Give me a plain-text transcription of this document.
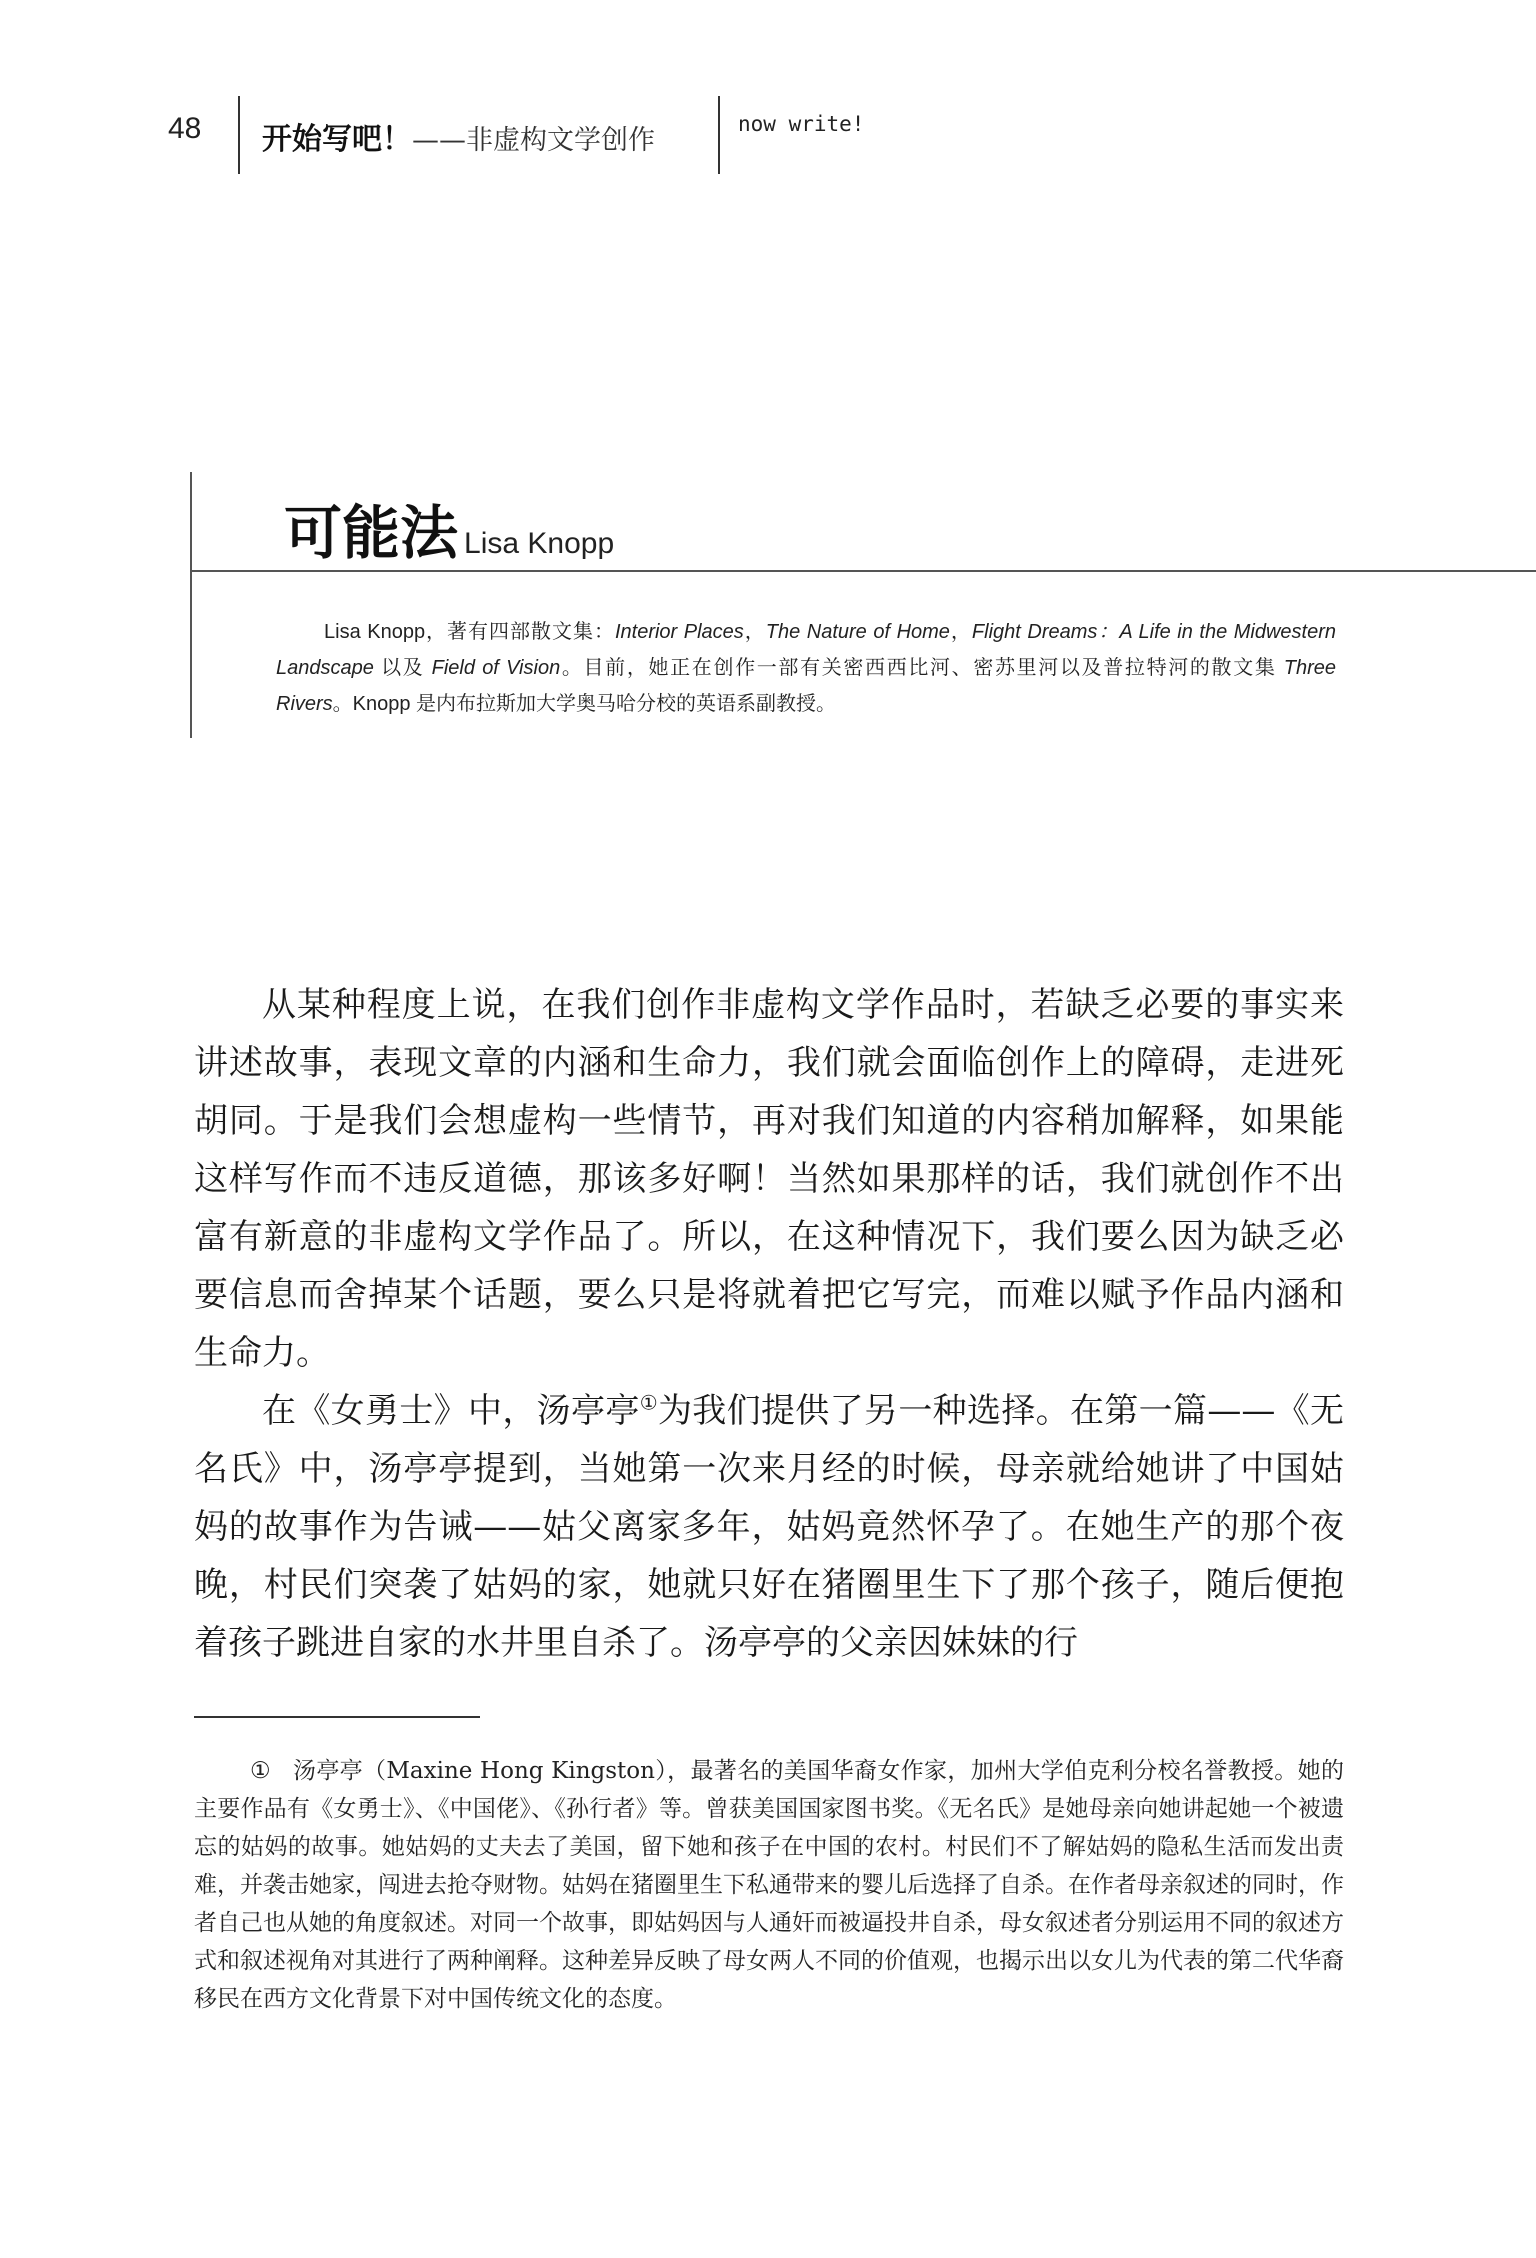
48 开始写吧！——非虚构文学创作
now write!
可能法 Lisa Knopp
Lisa Knopp，著有四部散文集：Interior Places，The Nature of Home，Flight Dreams：A Life in the Midwestern Landscape 以及 Field of Vision。目前，她正在创作一部有关密西西比河、密苏里河以及普拉特河的散文集 Three Rivers。Knopp 是内布拉斯加大学奥马哈分校的英语系副教授。

从某种程度上说，在我们创作非虚构文学作品时，若缺乏必要的事实来讲述故事，表现文章的内涵和生命力，我们就会面临创作上的障碍，走进死胡同。于是我们会想虚构一些情节，再对我们知道的内容稍加解释，如果能这样写作而不违反道德，那该多好啊！当然如果那样的话，我们就创作不出富有新意的非虚构文学作品了。所以，在这种情况下，我们要么因为缺乏必要信息而舍掉某个话题，要么只是将就着把它写完，而难以赋予作品内涵和生命力。

在《女勇士》中，汤亭亭①为我们提供了另一种选择。在第一篇——《无名氏》中，汤亭亭提到，当她第一次来月经的时候，母亲就给她讲了中国姑妈的故事作为告诫——姑父离家多年，姑妈竟然怀孕了。在她生产的那个夜晚，村民们突袭了姑妈的家，她就只好在猪圈里生下了那个孩子，随后便抱着孩子跳进自家的水井里自杀了。汤亭亭的父亲因妹妹的行

① 汤亭亭（Maxine Hong Kingston），最著名的美国华裔女作家，加州大学伯克利分校名誉教授。她的主要作品有《女勇士》、《中国佬》、《孙行者》等。曾获美国国家图书奖。《无名氏》是她母亲向她讲起她一个被遗忘的姑妈的故事。她姑妈的丈夫去了美国，留下她和孩子在中国的农村。村民们不了解姑妈的隐私生活而发出责难，并袭击她家，闯进去抢夺财物。姑妈在猪圈里生下私通带来的婴儿后选择了自杀。在作者母亲叙述的同时，作者自己也从她的角度叙述。对同一个故事，即姑妈因与人通奸而被逼投井自杀，母女叙述者分别运用不同的叙述方式和叙述视角对其进行了两种阐释。这种差异反映了母女两人不同的价值观，也揭示出以女儿为代表的第二代华裔移民在西方文化背景下对中国传统文化的态度。
